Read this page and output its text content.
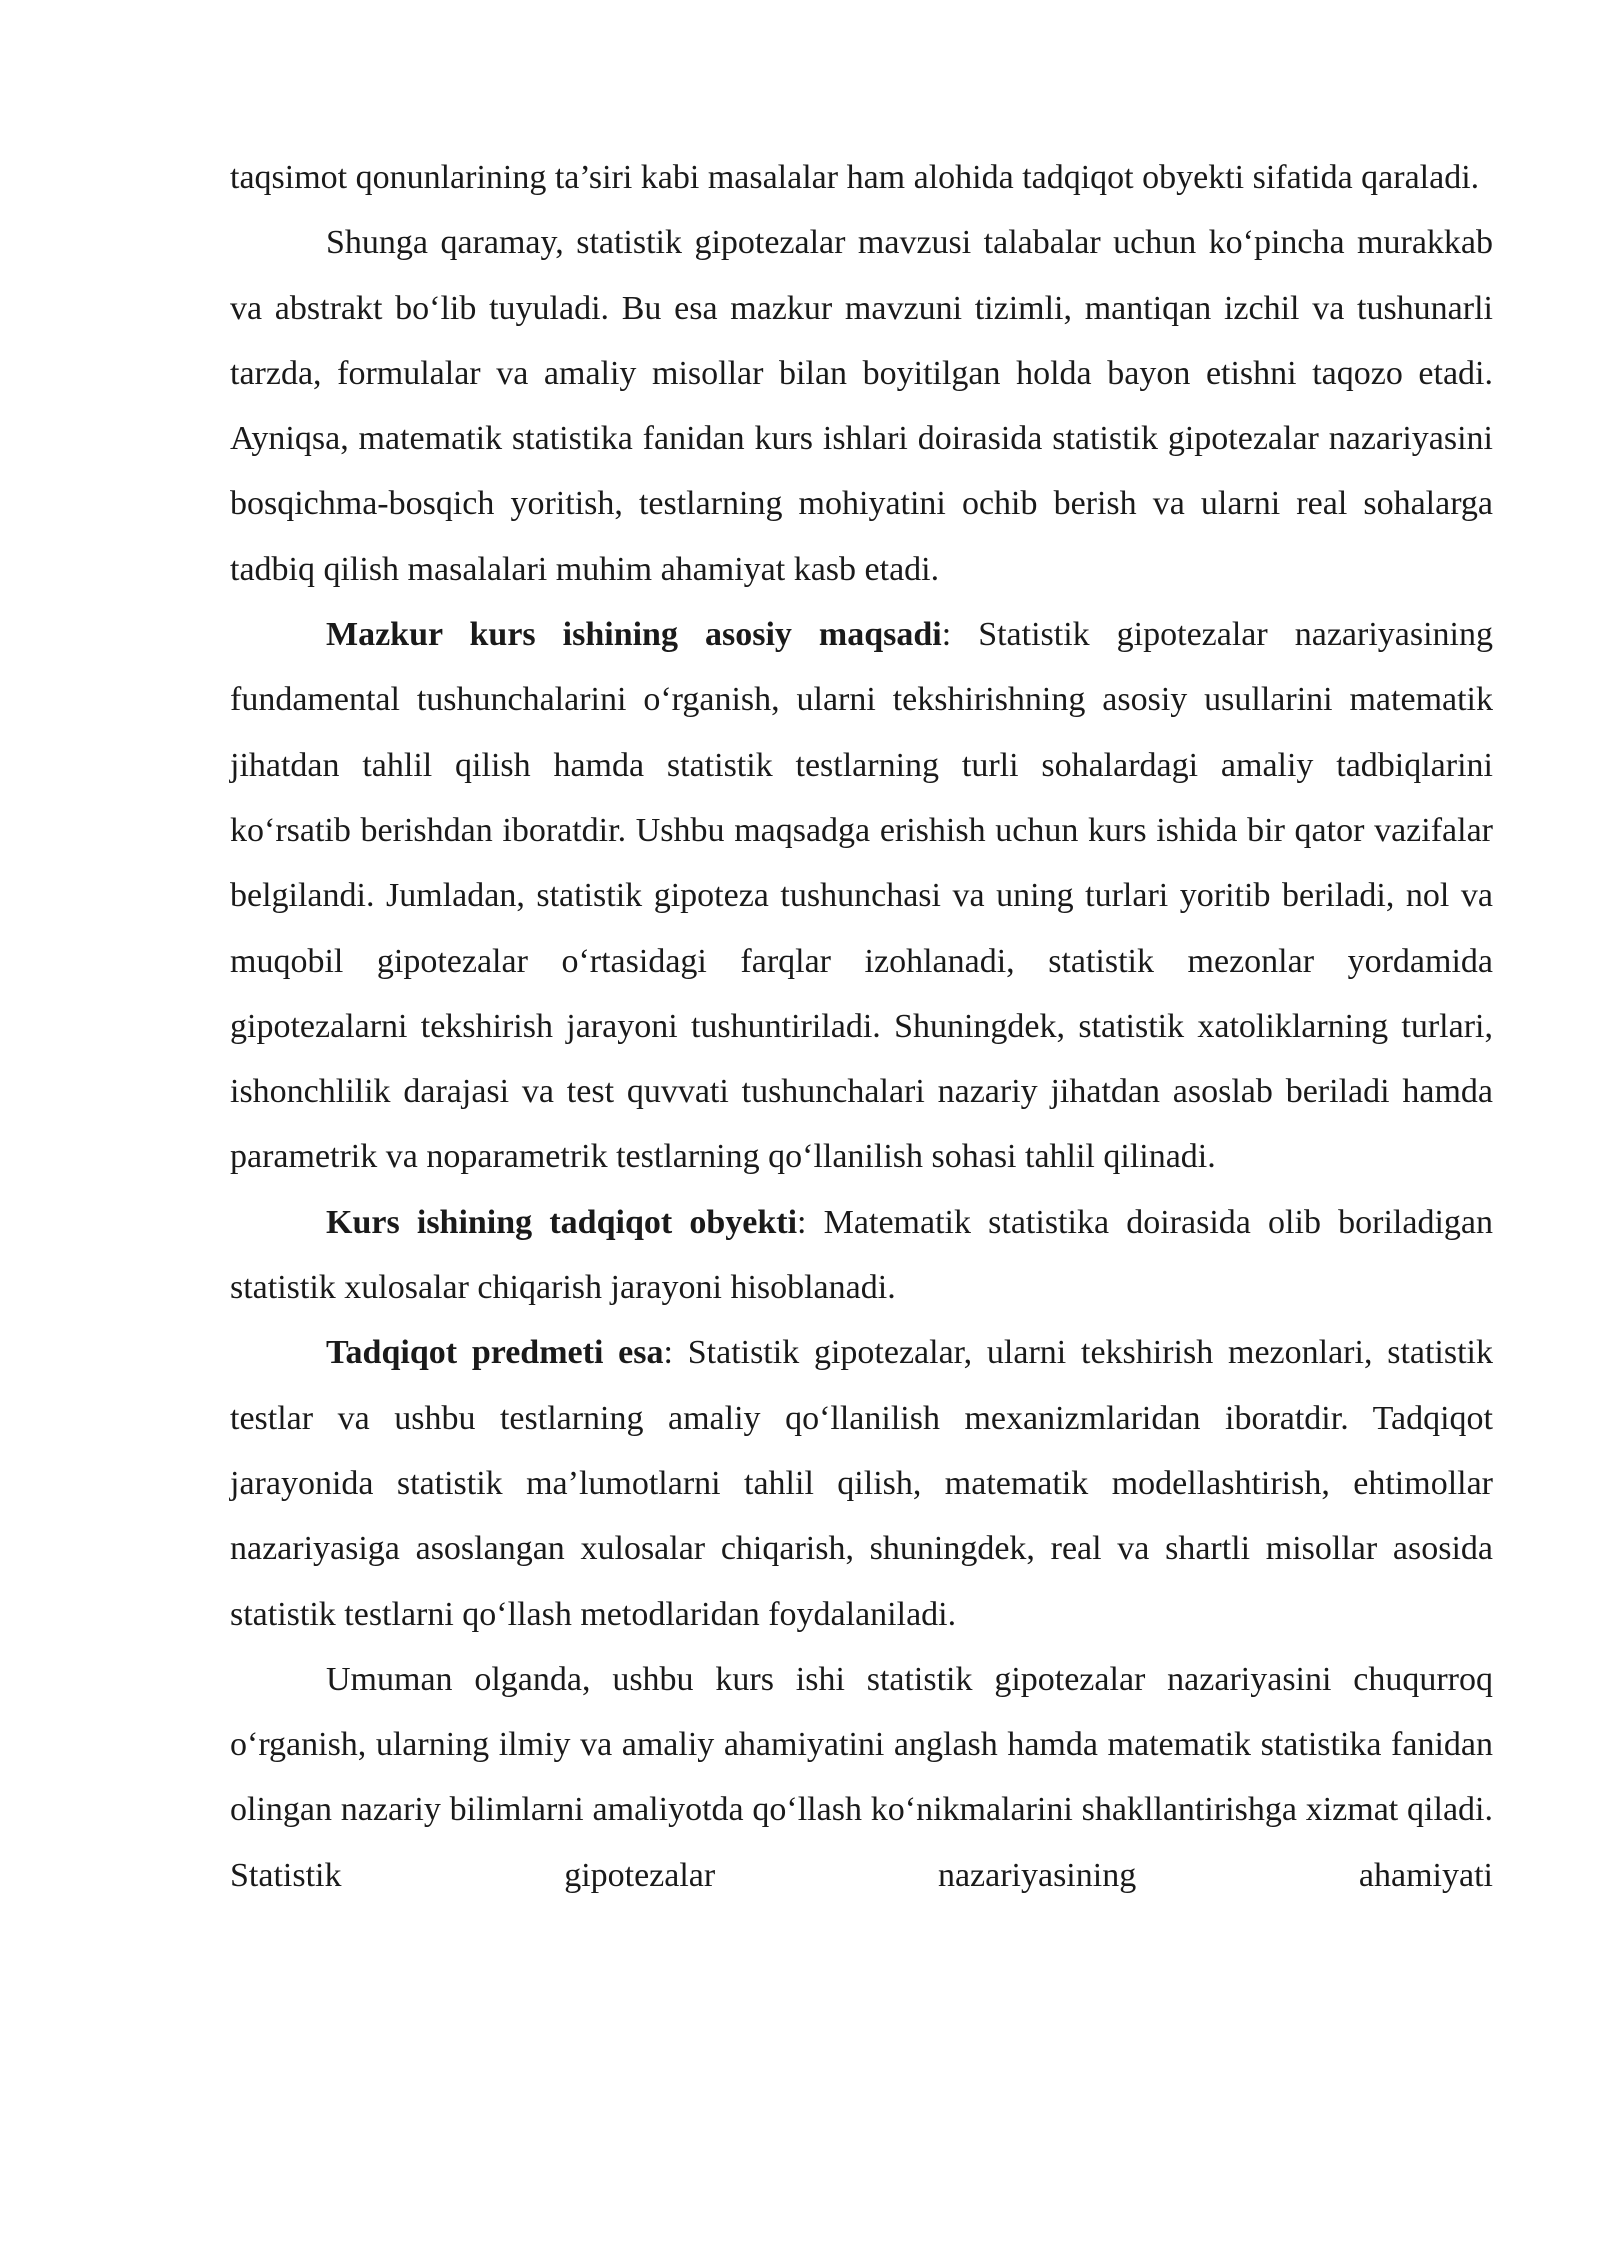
taqsimot qonunlarining ta’siri kabi masalalar ham alohida tadqiqot obyekti sifatida qaraladi.

Shunga qaramay, statistik gipotezalar mavzusi talabalar uchun ko‘pincha murakkab va abstrakt bo‘lib tuyuladi. Bu esa mazkur mavzuni tizimli, mantiqan izchil va tushunarli tarzda, formulalar va amaliy misollar bilan boyitilgan holda bayon etishni taqozo etadi. Ayniqsa, matematik statistika fanidan kurs ishlari doirasida statistik gipotezalar nazariyasini bosqichma-bosqich yoritish, testlarning mohiyatini ochib berish va ularni real sohalarga tadbiq qilish masalalari muhim ahamiyat kasb etadi.

Mazkur kurs ishining asosiy maqsadi: Statistik gipotezalar nazariyasining fundamental tushunchalarini o‘rganish, ularni tekshirishning asosiy usullarini matematik jihatdan tahlil qilish hamda statistik testlarning turli sohalardagi amaliy tadbiqlarini ko‘rsatib berishdan iboratdir. Ushbu maqsadga erishish uchun kurs ishida bir qator vazifalar belgilandi. Jumladan, statistik gipoteza tushunchasi va uning turlari yoritib beriladi, nol va muqobil gipotezalar o‘rtasidagi farqlar izohlanadi, statistik mezonlar yordamida gipotezalarni tekshirish jarayoni tushuntiriladi. Shuningdek, statistik xatoliklarning turlari, ishonchlilik darajasi va test quvvati tushunchalari nazariy jihatdan asoslab beriladi hamda parametrik va noparametrik testlarning qo‘llanilish sohasi tahlil qilinadi.

Kurs ishining tadqiqot obyekti: Matematik statistika doirasida olib boriladigan statistik xulosalar chiqarish jarayoni hisoblanadi.

Tadqiqot predmeti esa: Statistik gipotezalar, ularni tekshirish mezonlari, statistik testlar va ushbu testlarning amaliy qo‘llanilish mexanizmlaridan iboratdir. Tadqiqot jarayonida statistik ma’lumotlarni tahlil qilish, matematik modellashtirish, ehtimollar nazariyasiga asoslangan xulosalar chiqarish, shuningdek, real va shartli misollar asosida statistik testlarni qo‘llash metodlaridan foydalaniladi.

Umuman olganda, ushbu kurs ishi statistik gipotezalar nazariyasini chuqurroq o‘rganish, ularning ilmiy va amaliy ahamiyatini anglash hamda matematik statistika fanidan olingan nazariy bilimlarni amaliyotda qo‘llash ko‘nikmalarini shakllantirishga xizmat qiladi. Statistik gipotezalar nazariyasining ahamiyati
